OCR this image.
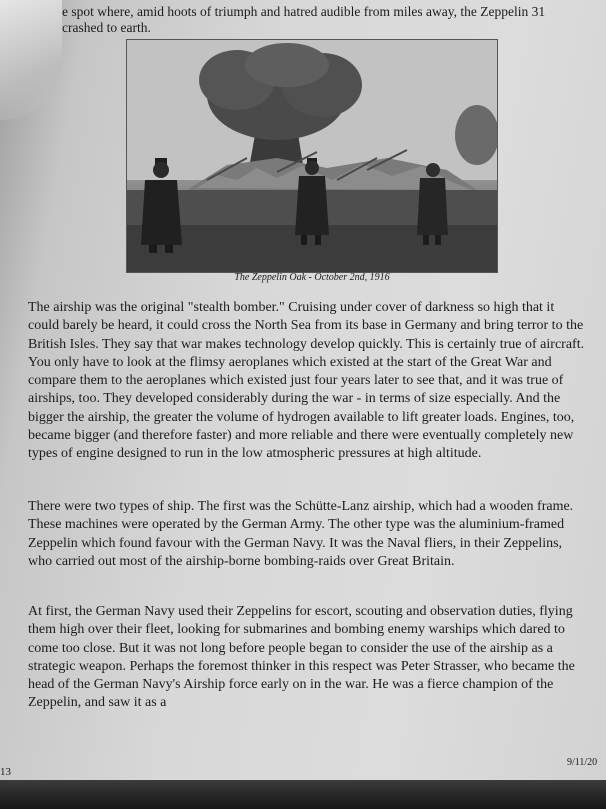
e spot where, amid hoots of triumph and hatred audible from miles away, the Zeppelin 31 crashed to earth.
The Zeppelin Oak - October 2nd, 1916

The airship was the original "stealth bomber." Cruising under cover of darkness so high that it could barely be heard, it could cross the North Sea from its base in Germany and bring terror to the British Isles. They say that war makes technology develop quickly. This is certainly true of aircraft. You only have to look at the flimsy aeroplanes which existed at the start of the Great War and compare them to the aeroplanes which existed just four years later to see that, and it was true of airships, too. They developed considerably during the war - in terms of size especially. And the bigger the airship, the greater the volume of hydrogen available to lift greater loads. Engines, too, became bigger (and therefore faster) and more reliable and there were eventually completely new types of engine designed to run in the low atmospheric pressures at high altitude.

There were two types of ship. The first was the Schütte-Lanz airship, which had a wooden frame. These machines were operated by the German Army. The other type was the aluminium-framed Zeppelin which found favour with the German Navy. It was the Naval fliers, in their Zeppelins, who carried out most of the airship-borne bombing-raids over Great Britain.

At first, the German Navy used their Zeppelins for escort, scouting and observation duties, flying them high over their fleet, looking for submarines and bombing enemy warships which dared to come too close. But it was not long before people began to consider the use of the airship as a strategic weapon. Perhaps the foremost thinker in this respect was Peter Strasser, who became the head of the German Navy's Airship force early on in the war. He was a fierce champion of the Zeppelin, and saw it as a

13
9/11/20
